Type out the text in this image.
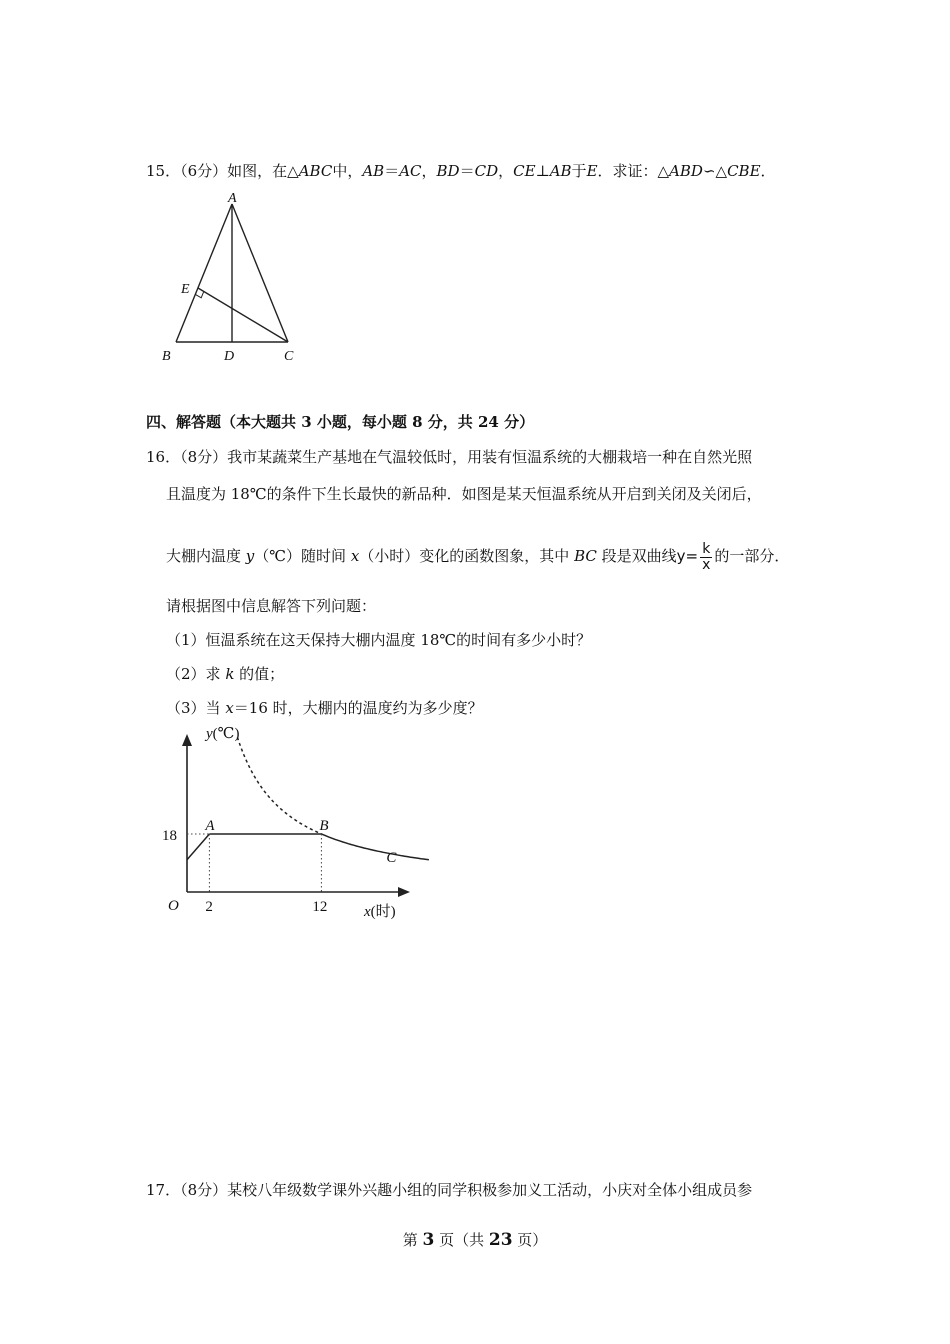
15．（6分）如图，在△ABC中，AB＝AC，BD＝CD，CE⊥AB于E．求证：△ABD∽△CBE．
A
B	C
D
E
四、解答题（本大题共 3 小题，每小题 8 分，共 24 分）
16．（8分）我市某蔬菜生产基地在气温较低时，用装有恒温系统的大棚栽培一种在自然光照
且温度为 18℃的条件下生长最快的新品种．如图是某天恒温系统从开启到关闭及关闭后，
大棚内温度 y（℃）随时间 x（小时）变化的函数图象，其中 BC 段是双曲线$y= \frac{k}{x}$ 的一部分．
请根据图中信息解答下列问题：
（1）恒温系统在这天保持大棚内温度 18℃的时间有多少小时？
（2）求 k 的值；
（3）当 x＝16 时，大棚内的温度约为多少度？
18
2	12
A	B
C
y(℃)
x(时)
O
17．（8分）某校八年级数学课外兴趣小组的同学积极参加义工活动，小庆对全体小组成员参
第 3 页（共 23 页）
